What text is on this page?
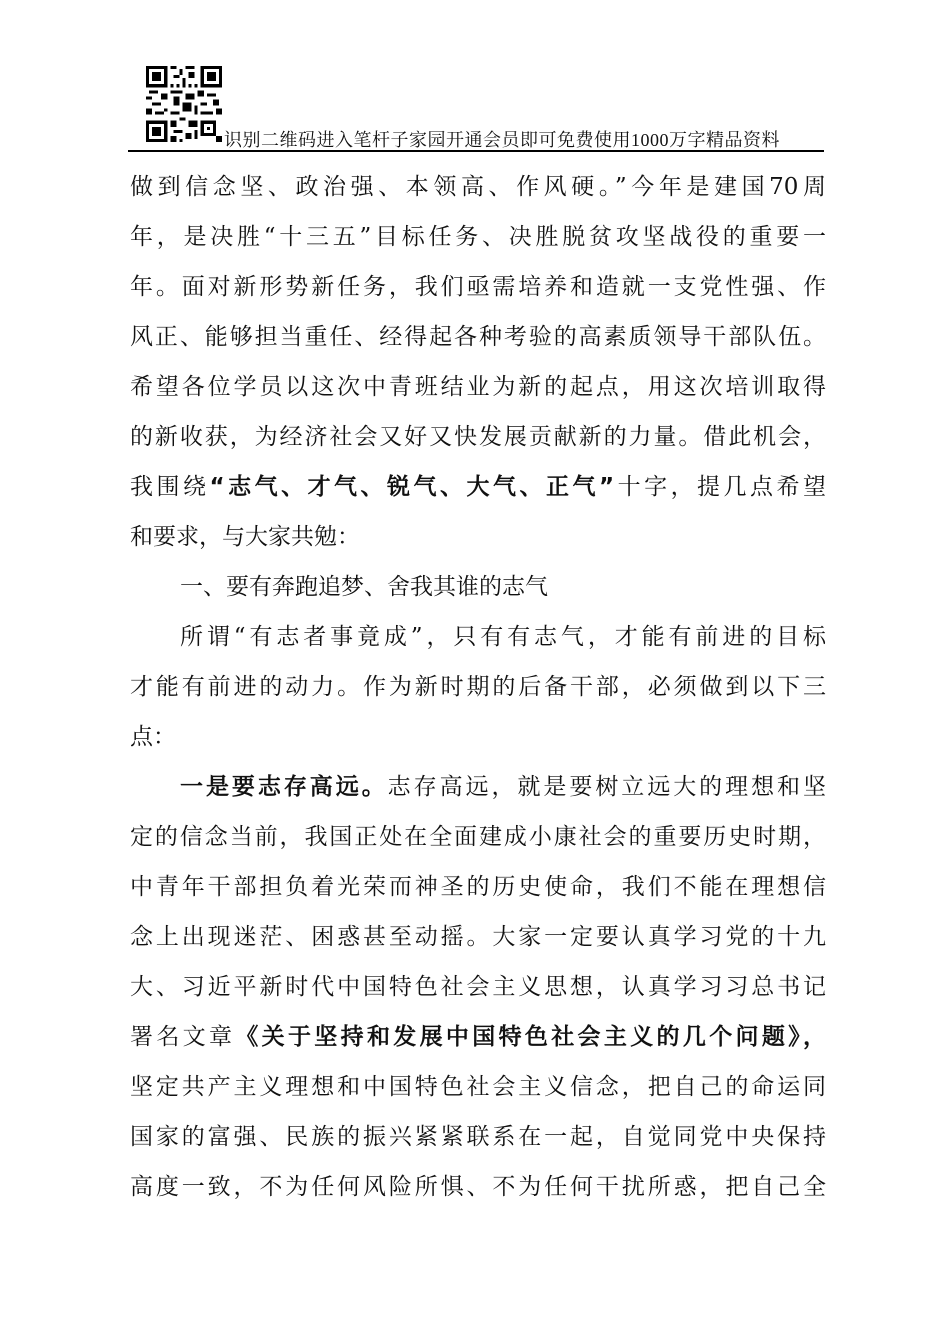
识别二维码进入笔杆子家园开通会员即可免费使用1000万字精品资料
做到信念坚、政治强、本领高、作风硬。”今年是建国70周
年，是决胜“十三五”目标任务、决胜脱贫攻坚战役的重要一
年。面对新形势新任务，我们亟需培养和造就一支党性强、作
风正、能够担当重任、经得起各种考验的高素质领导干部队伍。
希望各位学员以这次中青班结业为新的起点，用这次培训取得
的新收获，为经济社会又好又快发展贡献新的力量。借此机会，
我围绕“志气、才气、锐气、大气、正气”十字，提几点希望
和要求，与大家共勉：
一、要有奔跑追梦、舍我其谁的志气
所谓“有志者事竟成”，只有有志气，才能有前进的目标
才能有前进的动力。作为新时期的后备干部，必须做到以下三
点：
一是要志存高远。志存高远，就是要树立远大的理想和坚
定的信念当前，我国正处在全面建成小康社会的重要历史时期，
中青年干部担负着光荣而神圣的历史使命，我们不能在理想信
念上出现迷茫、困惑甚至动摇。大家一定要认真学习党的十九
大、习近平新时代中国特色社会主义思想，认真学习习总书记
署名文章《关于坚持和发展中国特色社会主义的几个问题》，
坚定共产主义理想和中国特色社会主义信念，把自己的命运同
国家的富强、民族的振兴紧紧联系在一起，自觉同党中央保持
高度一致，不为任何风险所惧、不为任何干扰所惑，把自己全
